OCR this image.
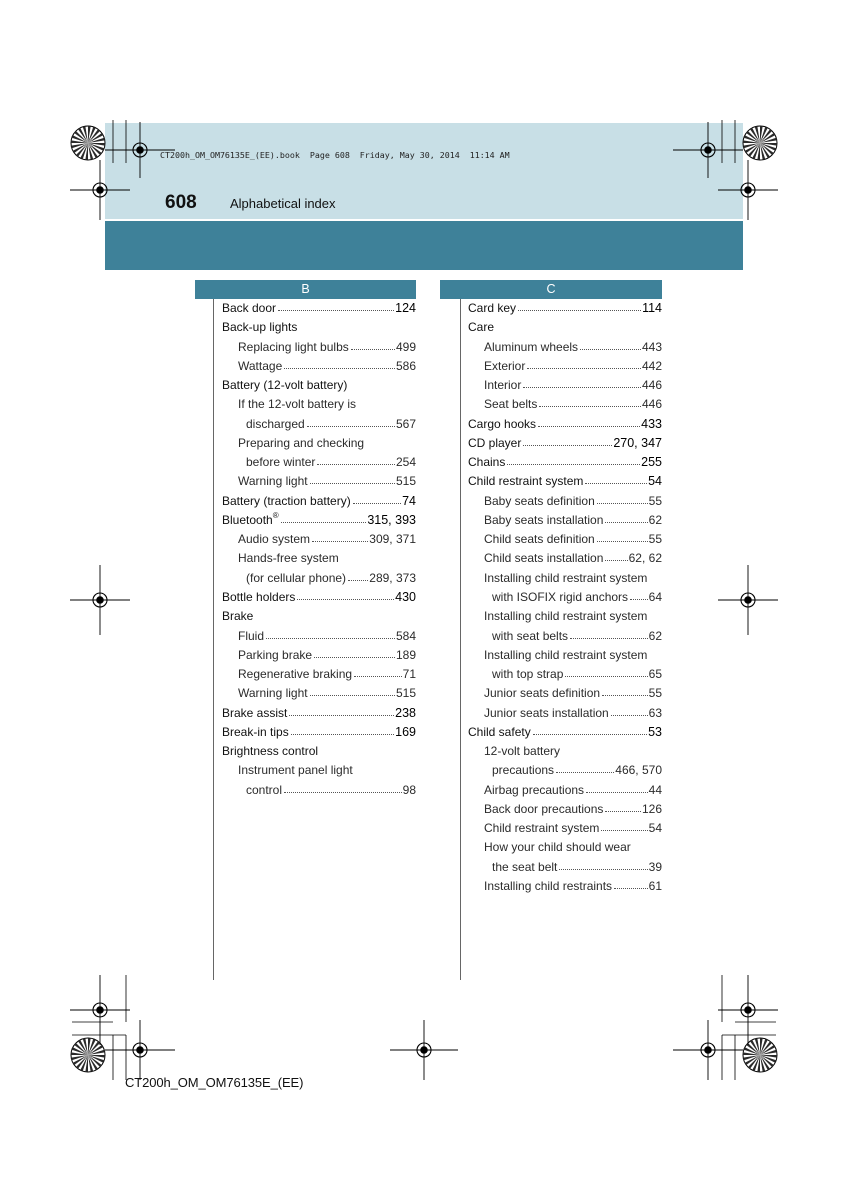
CT200h_OM_OM76135E_(EE).book  Page 608  Friday, May 30, 2014  11:14 AM
608	Alphabetical index
B	C
Back door	124
Back-up lights
Replacing light bulbs	499
Wattage	586
Battery (12-volt battery)
If the 12-volt battery is
discharged	567
Preparing and checking
before winter	254
Warning light	515
Battery (traction battery)	74
Bluetooth®	315, 393
Audio system	309, 371
Hands-free system
(for cellular phone) 289, 373
Bottle holders	430
Brake
Fluid	584
Parking brake	189
Regenerative braking	71
Warning light	515
Brake assist	238
Break-in tips	169
Brightness control
Instrument panel light
control	98
Card key	114
Care
Aluminum wheels	443
Exterior	442
Interior	446
Seat belts	446
Cargo hooks	433
CD player	270, 347
Chains	255
Child restraint system	54
Baby seats definition	55
Baby seats installation	62
Child seats definition	55
Child seats installation 62, 62
Installing child restraint system
with ISOFIX rigid anchors 64
Installing child restraint system
with seat belts	62
Installing child restraint system
with top strap	65
Junior seats definition	55
Junior seats installation	63
Child safety	53
12-volt battery
precautions	466, 570
Airbag precautions	44
Back door precautions	126
Child restraint system	54
How your child should wear
the seat belt	39
Installing child restraints	61
CT200h_OM_OM76135E_(EE)
